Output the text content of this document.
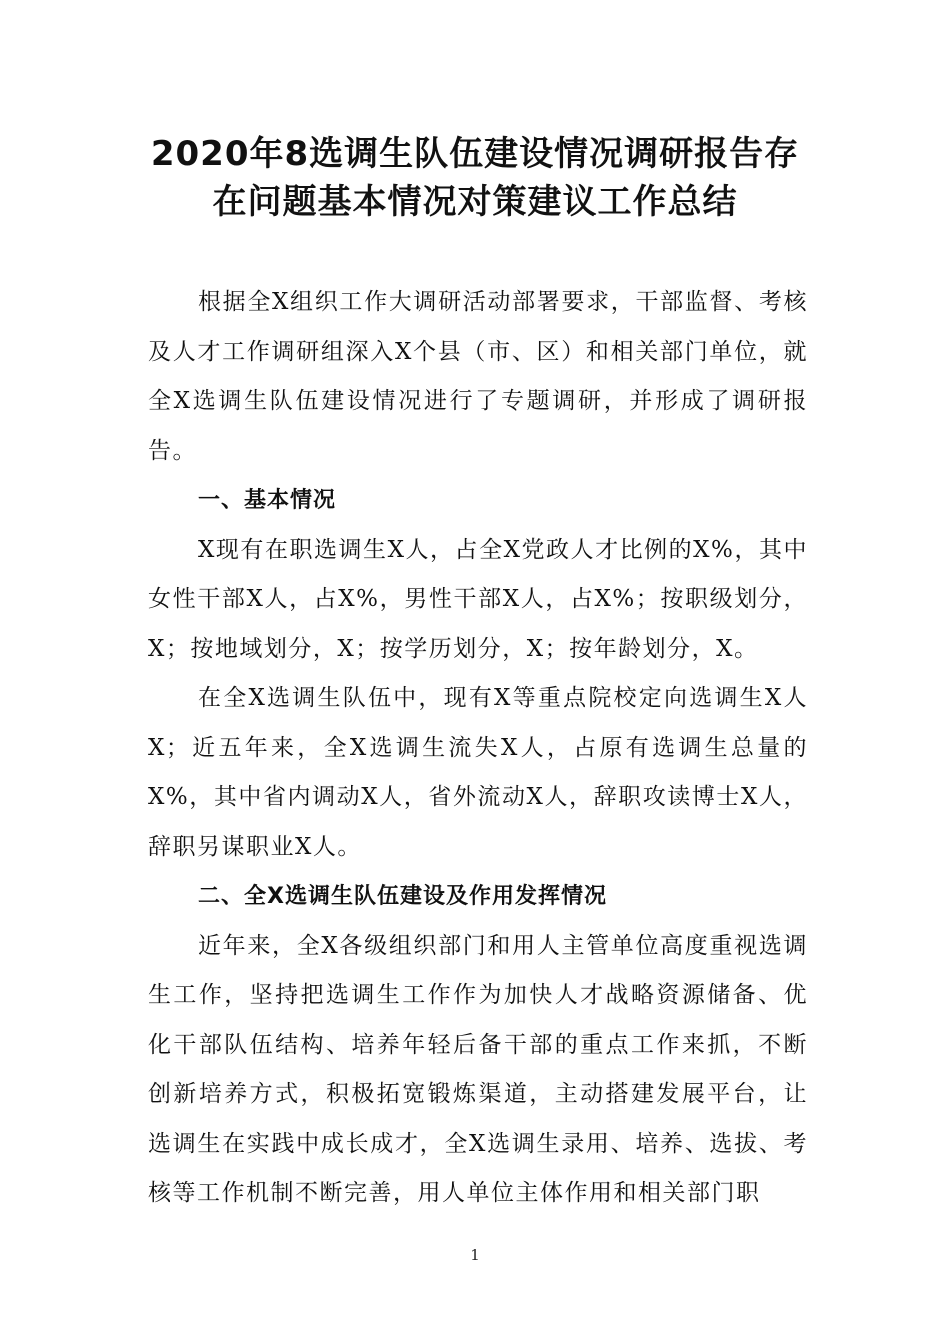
2020年8选调生队伍建设情况调研报告存
在问题基本情况对策建议工作总结

根据全X组织工作大调研活动部署要求，干部监督、考核及人才工作调研组深入X个县（市、区）和相关部门单位，就全X选调生队伍建设情况进行了专题调研，并形成了调研报告。

一、基本情况

X现有在职选调生X人，占全X党政人才比例的X%，其中女性干部X人，占X%，男性干部X人，占X%；按职级划分，X；按地域划分，X；按学历划分，X；按年龄划分，X。

在全X选调生队伍中，现有X等重点院校定向选调生X人X；近五年来，全X选调生流失X人，占原有选调生总量的X%，其中省内调动X人，省外流动X人，辞职攻读博士X人，辞职另谋职业X人。

二、全X选调生队伍建设及作用发挥情况

近年来，全X各级组织部门和用人主管单位高度重视选调生工作，坚持把选调生工作作为加快人才战略资源储备、优化干部队伍结构、培养年轻后备干部的重点工作来抓，不断创新培养方式，积极拓宽锻炼渠道，主动搭建发展平台，让选调生在实践中成长成才，全X选调生录用、培养、选拔、考核等工作机制不断完善，用人单位主体作用和相关部门职

1
